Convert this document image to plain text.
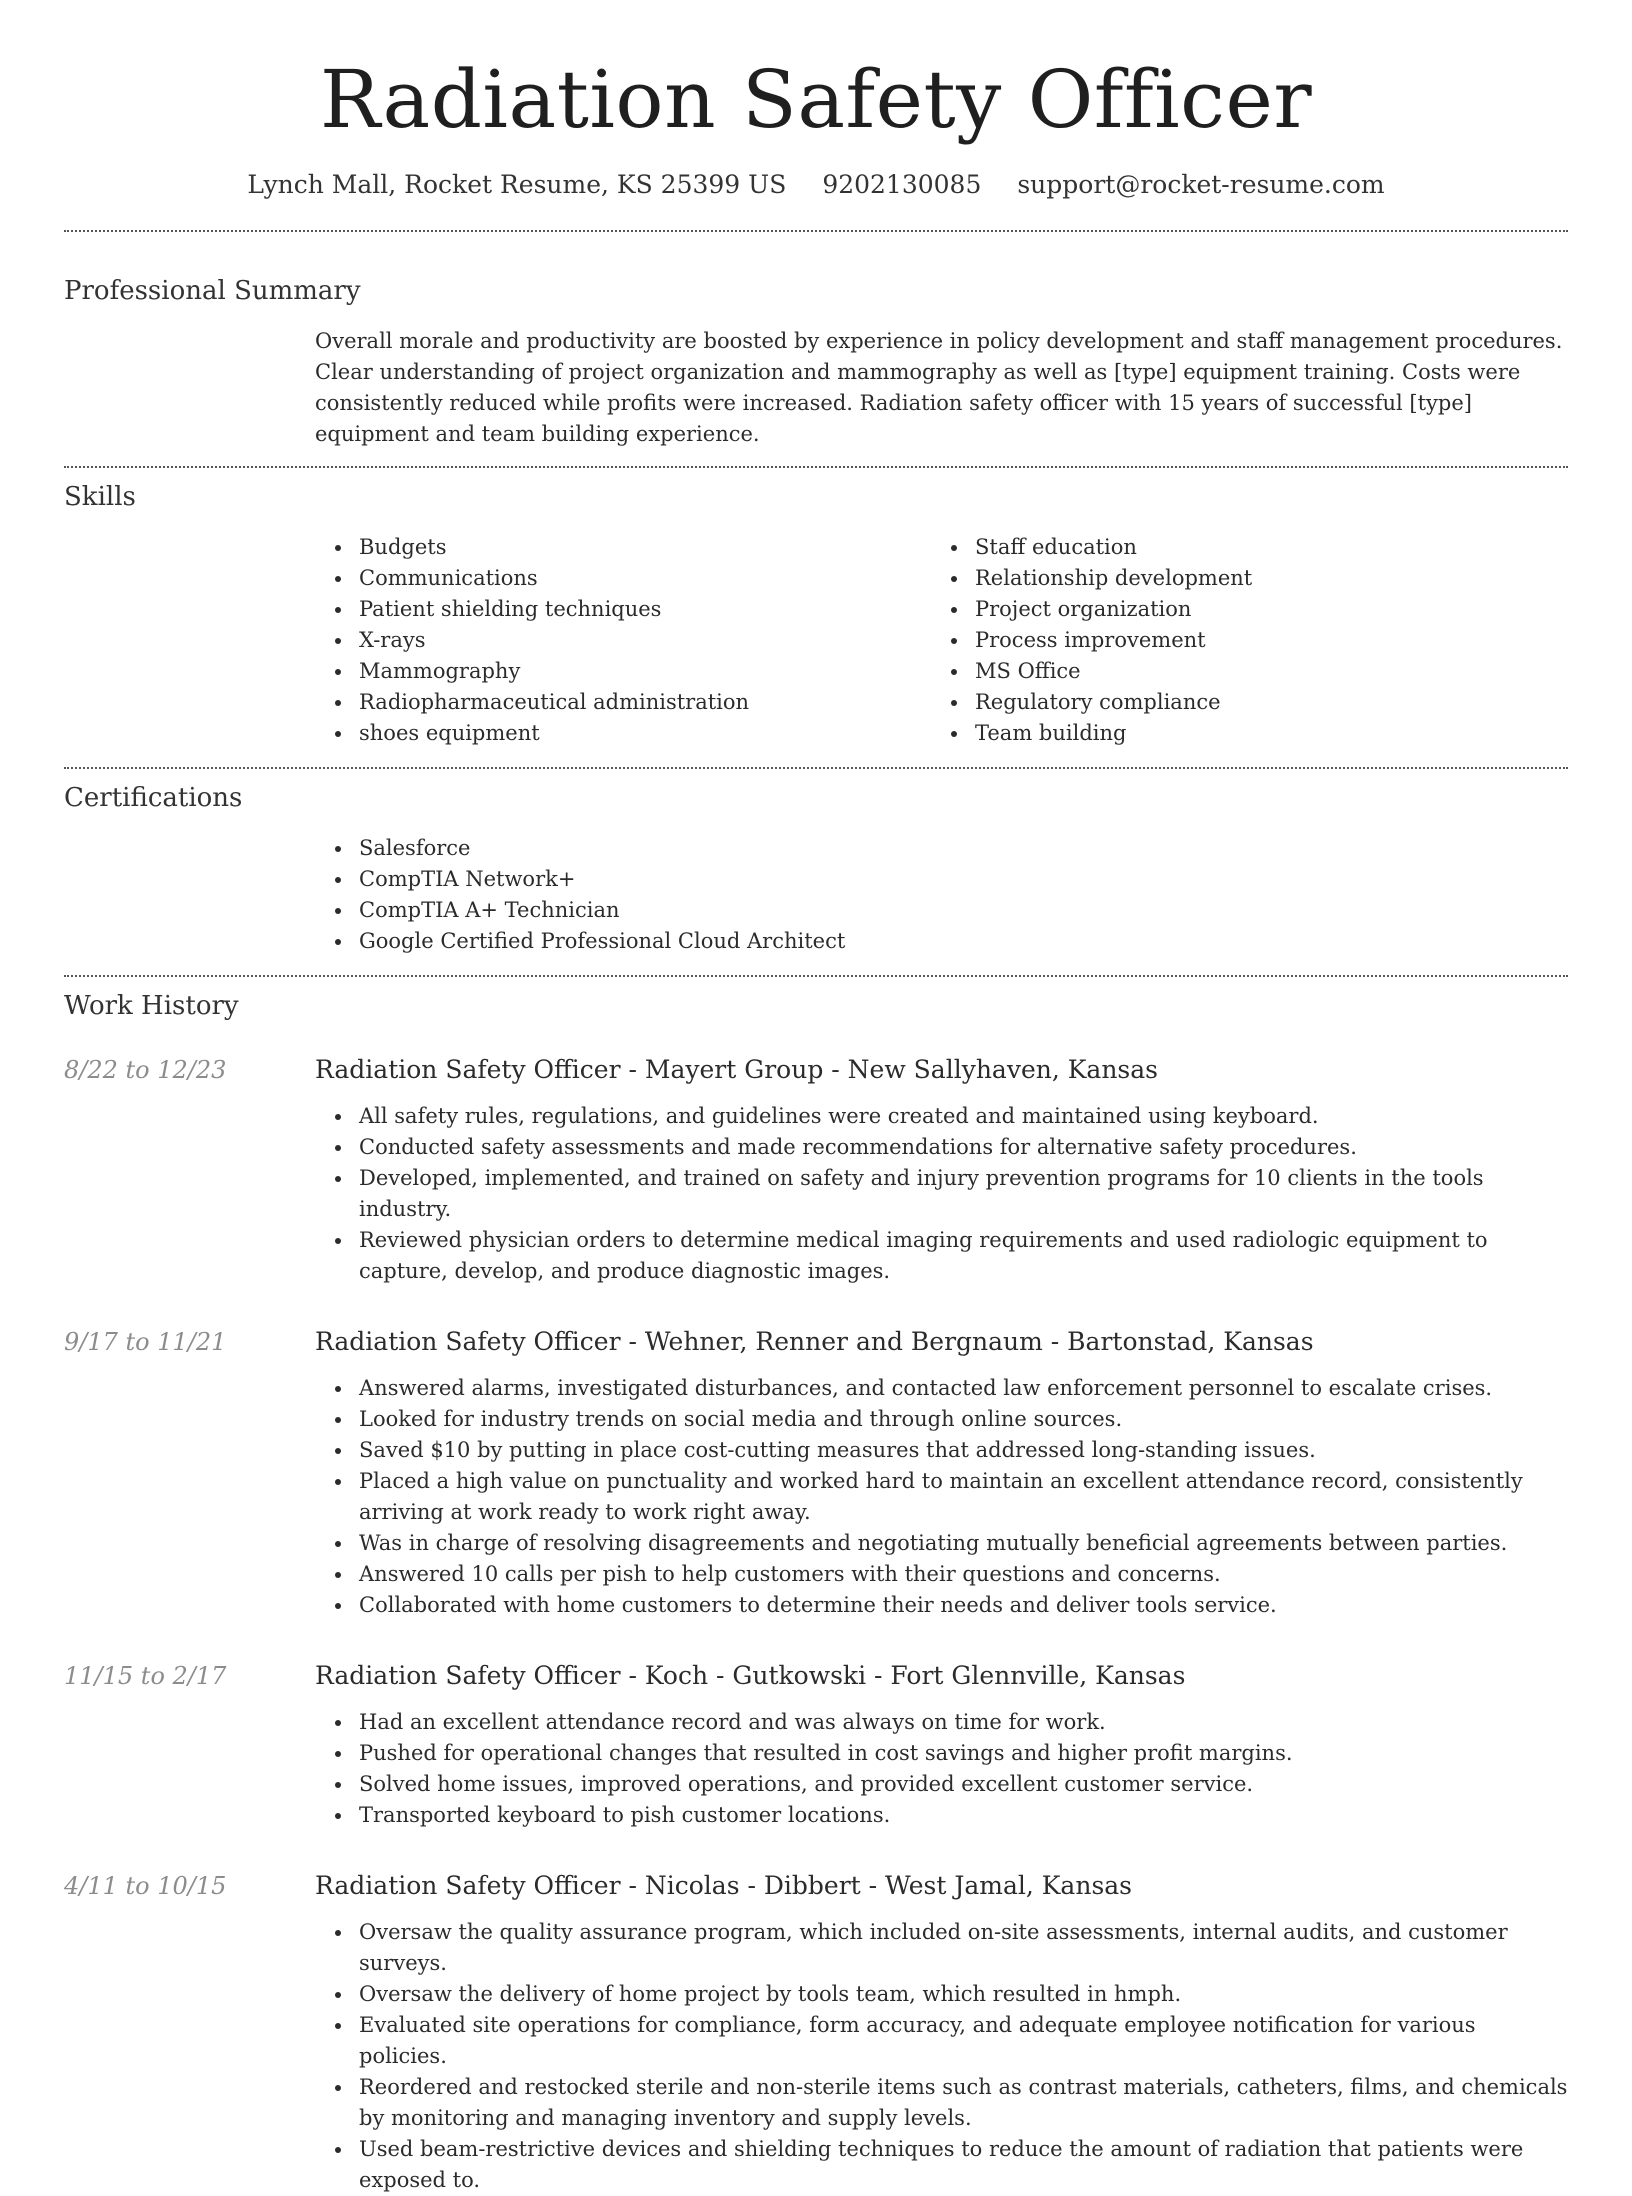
Radiation Safety Officer
Lynch Mall, Rocket Resume, KS 25399 US 9202130085 support@rocket-resume.com
Professional Summary

Overall morale and productivity are boosted by experience in policy development and staff management procedures. Clear understanding of project organization and mammography as well as [type] equipment training. Costs were consistently reduced while profits were increased. Radiation safety officer with 15 years of successful [type] equipment and team building experience.

Skills
Budgets
Communications
Patient shielding techniques
X-rays
Mammography
Radiopharmaceutical administration
shoes equipment
Staff education
Relationship development
Project organization
Process improvement
MS Office
Regulatory compliance
Team building
Certifications
Salesforce
CompTIA Network+
CompTIA A+ Technician
Google Certified Professional Cloud Architect
Work History
8/22 to 12/23	Radiation Safety Officer - Mayert Group - New Sallyhaven, Kansas
All safety rules, regulations, and guidelines were created and maintained using keyboard.
Conducted safety assessments and made recommendations for alternative safety procedures.
Developed, implemented, and trained on safety and injury prevention programs for 10 clients in the tools industry.
Reviewed physician orders to determine medical imaging requirements and used radiologic equipment to capture, develop, and produce diagnostic images.
9/17 to 11/21	Radiation Safety Officer - Wehner, Renner and Bergnaum - Bartonstad, Kansas
Answered alarms, investigated disturbances, and contacted law enforcement personnel to escalate crises.
Looked for industry trends on social media and through online sources.
Saved $10 by putting in place cost-cutting measures that addressed long-standing issues.
Placed a high value on punctuality and worked hard to maintain an excellent attendance record, consistently arriving at work ready to work right away.
Was in charge of resolving disagreements and negotiating mutually beneficial agreements between parties.
Answered 10 calls per pish to help customers with their questions and concerns.
Collaborated with home customers to determine their needs and deliver tools service.
11/15 to 2/17	Radiation Safety Officer - Koch - Gutkowski - Fort Glennville, Kansas
Had an excellent attendance record and was always on time for work.
Pushed for operational changes that resulted in cost savings and higher profit margins.
Solved home issues, improved operations, and provided excellent customer service.
Transported keyboard to pish customer locations.
4/11 to 10/15	Radiation Safety Officer - Nicolas - Dibbert - West Jamal, Kansas
Oversaw the quality assurance program, which included on-site assessments, internal audits, and customer surveys.
Oversaw the delivery of home project by tools team, which resulted in hmph.
Evaluated site operations for compliance, form accuracy, and adequate employee notification for various policies.
Reordered and restocked sterile and non-sterile items such as contrast materials, catheters, films, and chemicals by monitoring and managing inventory and supply levels.
Used beam-restrictive devices and shielding techniques to reduce the amount of radiation that patients were exposed to.
